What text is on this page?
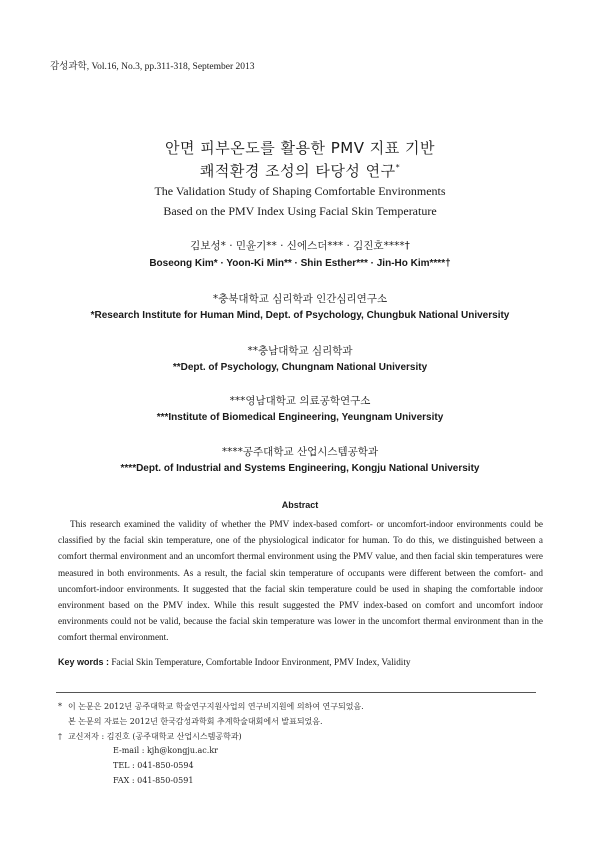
감성과학, Vol.16, No.3, pp.311-318, September 2013
안면 피부온도를 활용한 PMV 지표 기반
쾌적환경 조성의 타당성 연구*
The Validation Study of Shaping Comfortable Environments
Based on the PMV Index Using Facial Skin Temperature
김보성* · 민윤기** · 신에스더*** · 김진호****†
Boseong Kim* · Yoon-Ki Min** · Shin Esther*** · Jin-Ho Kim****†
*충북대학교 심리학과 인간심리연구소
*Research Institute for Human Mind, Dept. of Psychology, Chungbuk National University
**충남대학교 심리학과
**Dept. of Psychology, Chungnam National University
***영남대학교 의료공학연구소
***Institute of Biomedical Engineering, Yeungnam University
****공주대학교 산업시스템공학과
****Dept. of Industrial and Systems Engineering, Kongju National University
Abstract

This research examined the validity of whether the PMV index-based comfort- or uncomfort-indoor environments could be classified by the facial skin temperature, one of the physiological indicator for human. To do this, we distinguished between a comfort thermal environment and an uncomfort thermal environment using the PMV value, and then facial skin temperatures were measured in both environments. As a result, the facial skin temperature of occupants were different between the comfort- and uncomfort-indoor environments. It suggested that the facial skin temperature could be used in shaping the comfortable indoor environment based on the PMV index. While this result suggested the PMV index-based on comfort and uncomfort indoor environments could not be valid, because the facial skin temperature was lower in the uncomfort thermal environment than in the comfort thermal environment.

Key words : Facial Skin Temperature, Comfortable Indoor Environment, PMV Index, Validity
* 이 논문은 2012년 공주대학교 학술연구지원사업의 연구비지원에 의하여 연구되었음.
본 논문의 자료는 2012년 한국감성과학회 추계학술대회에서 발표되었음.
† 교신저자 : 김진호 (공주대학교 산업시스템공학과)
E-mail : kjh@kongju.ac.kr
TEL : 041-850-0594
FAX : 041-850-0591
